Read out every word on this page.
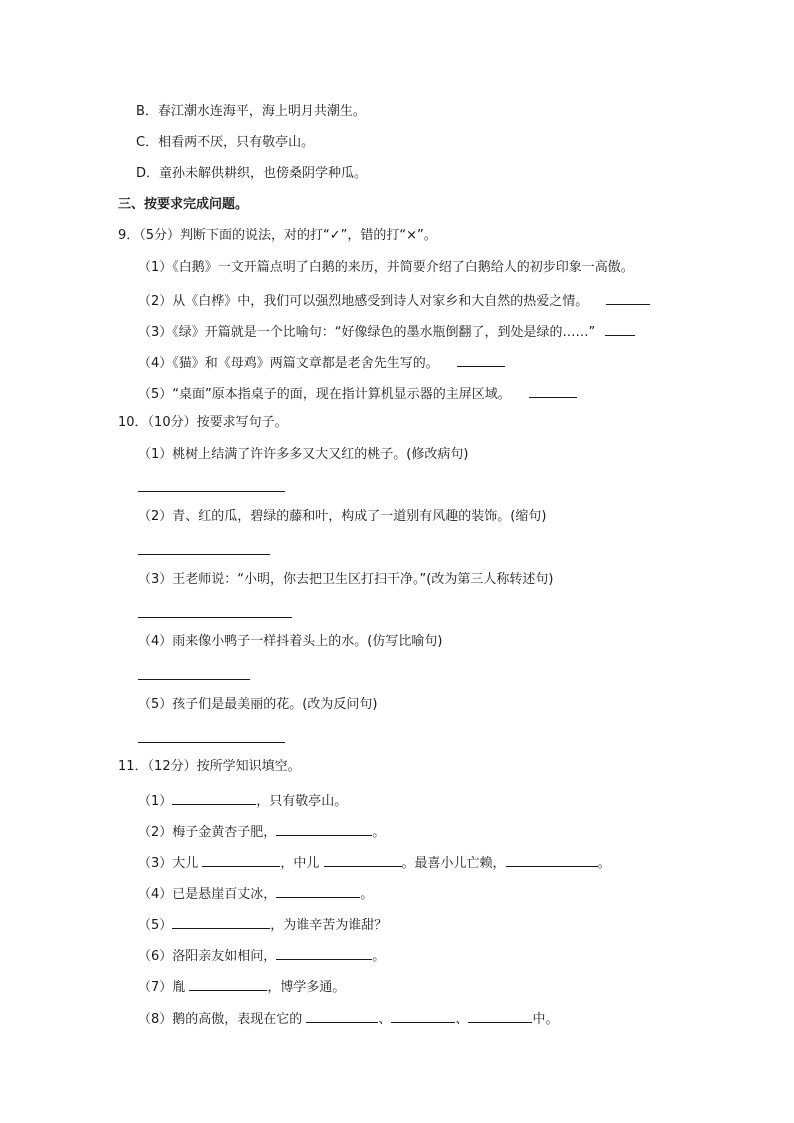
B．春江潮水连海平，海上明月共潮生。
C．相看两不厌，只有敬亭山。
D．童孙未解供耕织，也傍桑阴学种瓜。
三、按要求完成问题。
9．（5分）判断下面的说法，对的打“✓”，错的打“×”。
（1）《白鹅》一文开篇点明了白鹅的来历，并简要介绍了白鹅给人的初步印象一高傲。
（2）从《白桦》中，我们可以强烈地感受到诗人对家乡和大自然的热爱之情。
（3）《绿》开篇就是一个比喻句：“好像绿色的墨水瓶倒翻了，到处是绿的……”
（4）《猫》和《母鸡》两篇文章都是老舍先生写的。
（5）“桌面”原本指桌子的面，现在指计算机显示器的主屏区域。
10．（10分）按要求写句子。
（1）桃树上结满了许许多多又大又红的桃子。(修改病句)
（2）青、红的瓜，碧绿的藤和叶，构成了一道别有风趣的装饰。(缩句)
（3）王老师说：“小明，你去把卫生区打扫干净。”(改为第三人称转述句)
（4）雨来像小鸭子一样抖着头上的水。(仿写比喻句)
（5）孩子们是最美丽的花。(改为反问句)
11．（12分）按所学知识填空。
（1）	，只有敬亭山。
（2）梅子金黄杏子肥，	。
（3）大儿	，中儿	。最喜小儿亡赖，	。
（4）已是悬崖百丈冰，	。
（5）	，为谁辛苦为谁甜？
（6）洛阳亲友如相问，	。
（7）胤	，博学多通。
（8）鹅的高傲，表现在它的	、	、	中。
